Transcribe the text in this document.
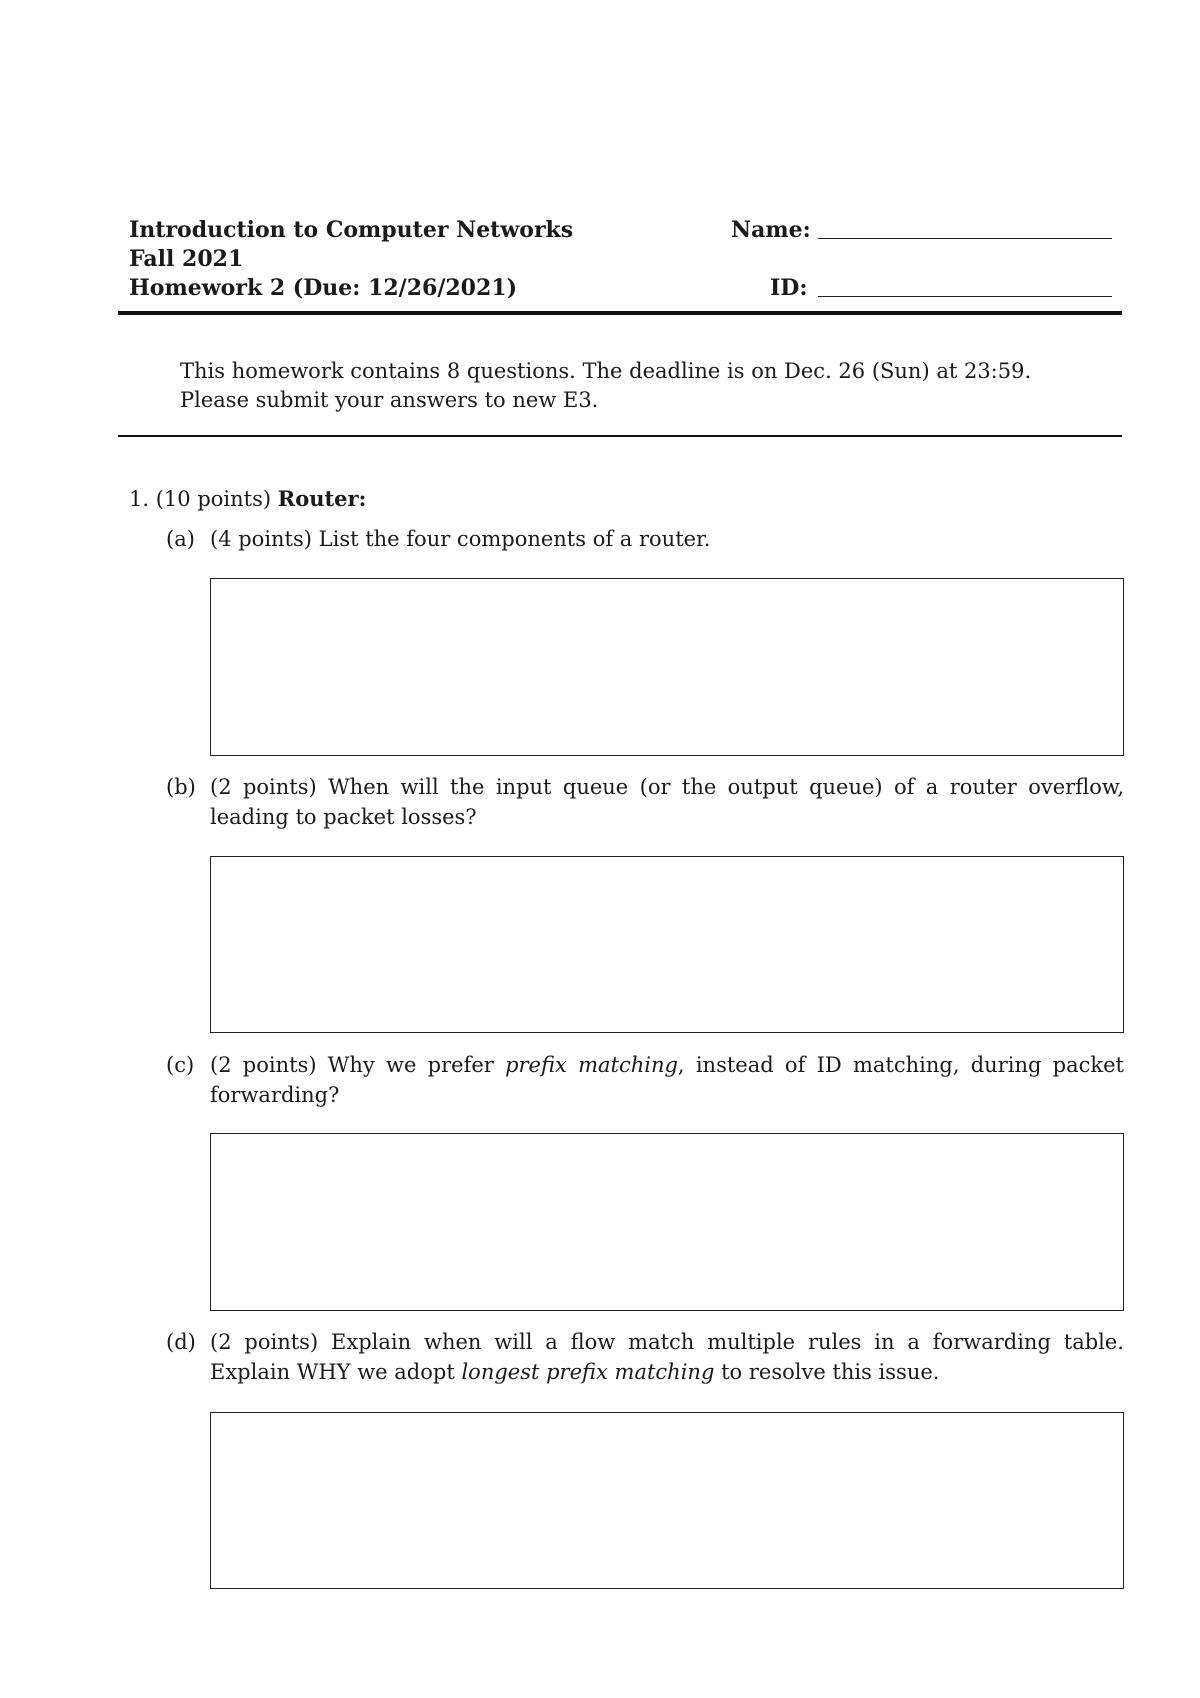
Introduction to Computer Networks
Fall 2021
Homework 2 (Due: 12/26/2021)
Name:
ID:
This homework contains 8 questions. The deadline is on Dec. 26 (Sun) at 23:59.
Please submit your answers to new E3.
1. (10 points) Router:
(a) (4 points) List the four components of a router.
(b) (2 points) When will the input queue (or the output queue) of a router overflow, leading to packet losses?
(c) (2 points) Why we prefer prefix matching, instead of ID matching, during packet forwarding?
(d) (2 points) Explain when will a flow match multiple rules in a forwarding table. Explain WHY we adopt longest prefix matching to resolve this issue.
